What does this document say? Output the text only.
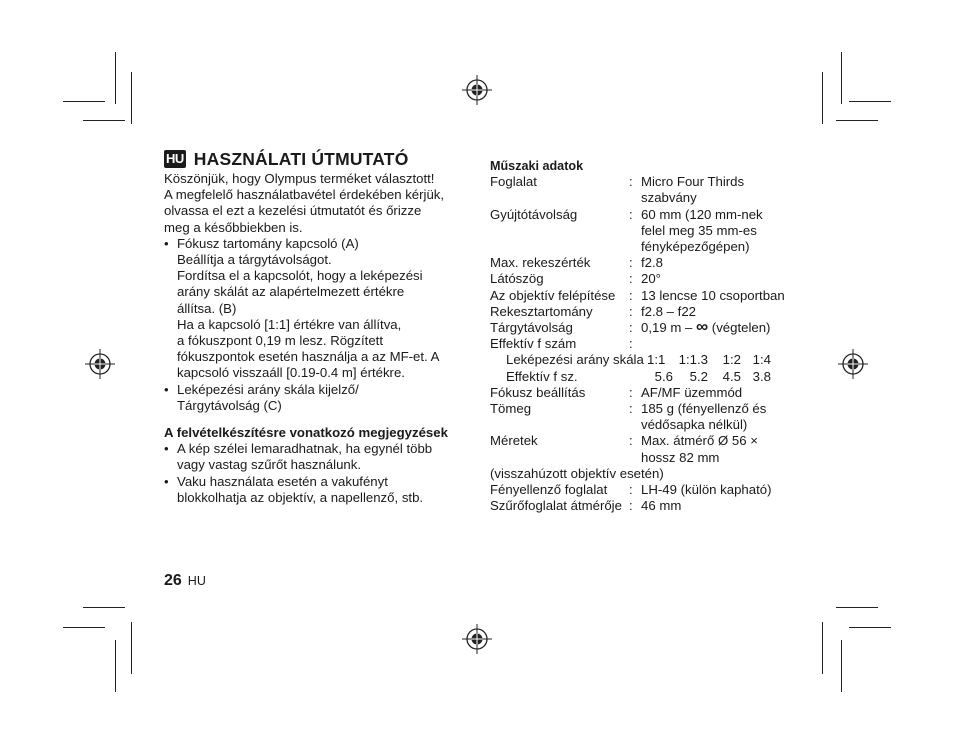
HU HASZNÁLATI ÚTMUTATÓ

Köszönjük, hogy Olympus terméket választott!

A megfelelő használatbavétel érdekében kérjük,

olvassa el ezt a kezelési útmutatót és őrizze

meg a későbbiekben is.

• Fókusz tartomány kapcsoló (A)

Beállítja a tárgytávolságot.

Fordítsa el a kapcsolót, hogy a leképezési

arány skálát az alapértelmezett értékre

állítsa. (B)

Ha a kapcsoló [1:1] értékre van állítva,

a fókuszpont 0,19 m lesz. Rögzített

fókuszpontok esetén használja a az MF-et. A

kapcsoló visszaáll [0.19-0.4 m] értékre.

• Leképezési arány skála kijelző/

Tárgytávolság (C)

A felvételkészítésre vonatkozó megjegyzések

• A kép szélei lemaradhatnak, ha egynél több

vagy vastag szűrőt használunk.

• Vaku használata esetén a vakufényt

blokkolhatja az objektív, a napellenző, stb.

Műszaki adatok

Foglalat	: Micro Four Thirds

szabvány

Gyújtótávolság	: 60 mm (120 mm-nek

felel meg 35 mm-es

fényképezőgépen)

Max. rekeszérték	: f2.8
Látószög	: 20°
Az objektív felépítése	: 13 lencse 10 csoportban
Rekesztartomány	: f2.8 – f22
Tárgytávolság	: 0,19 m – ∞ (végtelen)
Effektív f szám	:
Leképezési arány skála 1:1	1:1.3	1:2 1:4
Effektív f sz.	5.6	5.2	4.5 3.8
Fókusz beállítás	: AF/MF üzemmód
Tömeg	: 185 g (fényellenző és

védősapka nélkül)

Méretek	: Max. átmérő Ø 56 ×

hossz 82 mm

(visszahúzott objektív esetén)

Fényellenző foglalat	: LH-49 (külön kapható)
Szűrőfoglalat átmérője : 46 mm
26 HU
